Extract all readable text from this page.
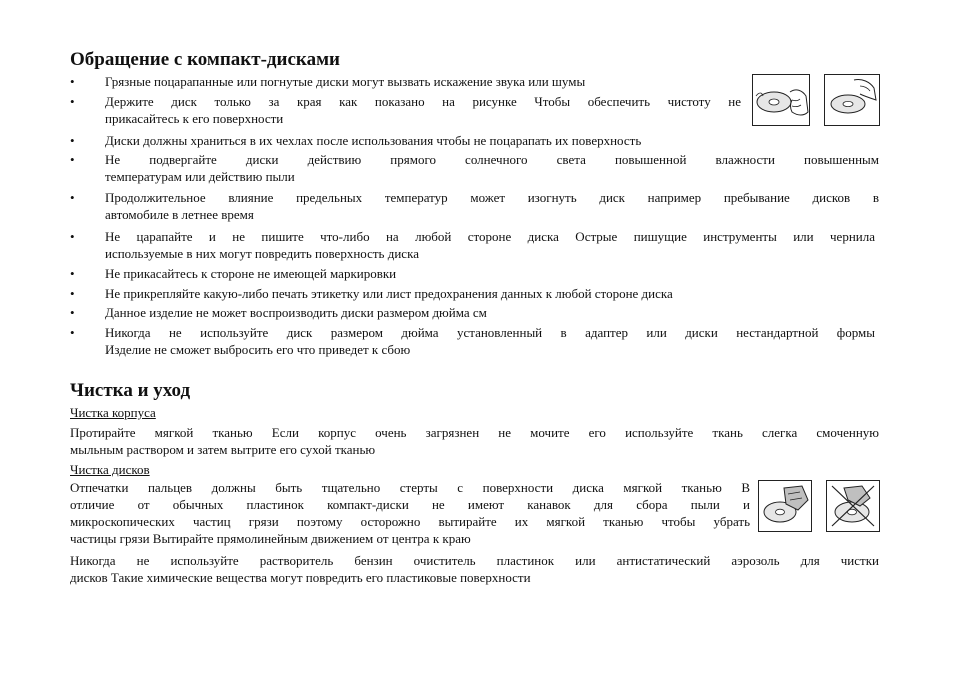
Обращение с компакт-дисками
• Грязные поцарапанные или погнутые диски могут вызвать искажение звука или шумы
• Держите диск только за края как показано на рисунке Чтобы обеспечить чистоту не
прикасайтесь к его поверхности
• Диски должны храниться в их чехлах после использования чтобы не поцарапать их поверхность
• Не подвергайте диски действию прямого солнечного света повышенной влажности повышенным
температурам или действию пыли
• Продолжительное влияние предельных температур может изогнуть диск например пребывание дисков в
автомобиле в летнее время
• Не царапайте и не пишите что-либо на любой стороне диска Острые пишущие инструменты или чернила
используемые в них могут повредить поверхность диска
• Не прикасайтесь к стороне не имеющей маркировки
• Не прикрепляйте какую-либо печать этикетку или лист предохранения данных к любой стороне диска
• Данное изделие не может воспроизводить диски размером дюйма см
• Никогда не используйте диск размером дюйма установленный в адаптер или диски нестандартной формы
Изделие не сможет выбросить его что приведет к сбою
Чистка и уход
Чистка корпуса
Протирайте мягкой тканью Если корпус очень загрязнен не мочите его используйте ткань слегка смоченную
мыльным раствором и затем вытрите его сухой тканью
Чистка дисков
Отпечатки пальцев должны быть тщательно стерты с поверхности диска мягкой тканью В
отличие от обычных пластинок компакт-диски не имеют канавок для сбора пыли и
микроскопических частиц грязи поэтому осторожно вытирайте их мягкой тканью чтобы убрать
частицы грязи Вытирайте прямолинейным движением от центра к краю
Никогда не используйте растворитель бензин очиститель пластинок или антистатический аэрозоль для чистки
дисков Такие химические вещества могут повредить его пластиковые поверхности
